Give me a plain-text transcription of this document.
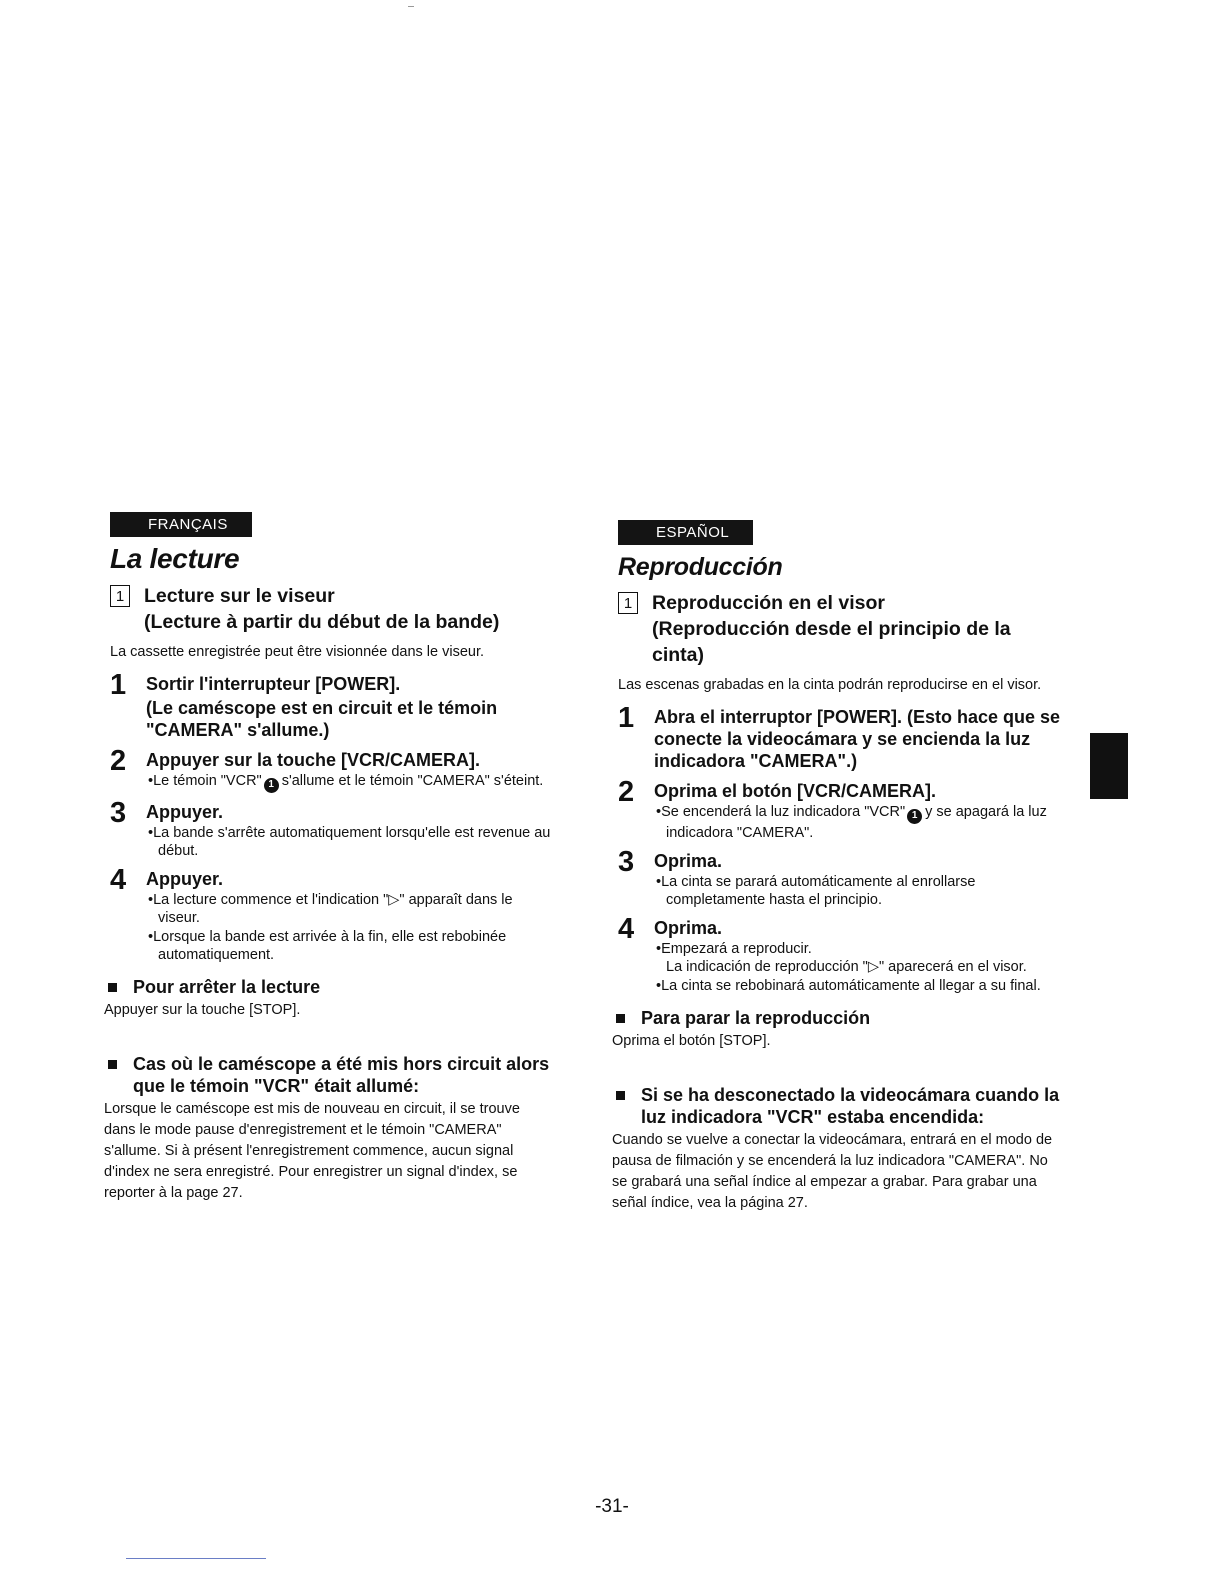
FRANÇAIS
La lecture
1 Lecture sur le viseur
(Lecture à partir du début de la bande)
La cassette enregistrée peut être visionnée dans le viseur.
1	Sortir l'interrupteur [POWER].
(Le caméscope est en circuit et le témoin "CAMERA" s'allume.)
2	Appuyer sur la touche [VCR/CAMERA].
• Le témoin "VCR" 1 s'allume et le témoin "CAMERA" s'éteint.
3	Appuyer.
• La bande s'arrête automatiquement lorsqu'elle est revenue au début.
4	Appuyer.
• La lecture commence et l'indication "▷" apparaît dans le viseur.
• Lorsque la bande est arrivée à la fin, elle est rebobinée automatiquement.
Pour arrêter la lecture
Appuyer sur la touche [STOP].
Cas où le caméscope a été mis hors circuit alors que le témoin "VCR" était allumé:
Lorsque le caméscope est mis de nouveau en circuit, il se trouve dans le mode pause d'enregistrement et le témoin "CAMERA" s'allume. Si à présent l'enregistrement commence, aucun signal d'index ne sera enregistré. Pour enregistrer un signal d'index, se reporter à la page 27.
ESPAÑOL
Reproducción
1 Reproducción en el visor
(Reproducción desde el principio de la cinta)
Las escenas grabadas en la cinta podrán reproducirse en el visor.
1	Abra el interruptor [POWER]. (Esto hace que se conecte la videocámara y se encienda la luz indicadora "CAMERA".)
2	Oprima el botón [VCR/CAMERA].
• Se encenderá la luz indicadora "VCR" 1 y se apagará la luz indicadora "CAMERA".
3	Oprima.
• La cinta se parará automáticamente al enrollarse completamente hasta el principio.
4	Oprima.
• Empezará a reproducir.
La indicación de reproducción "▷" aparecerá en el visor.
• La cinta se rebobinará automáticamente al llegar a su final.
Para parar la reproducción
Oprima el botón [STOP].
Si se ha desconectado la videocámara cuando la luz indicadora "VCR" estaba encendida:
Cuando se vuelve a conectar la videocámara, entrará en el modo de pausa de filmación y se encenderá la luz indicadora "CAMERA". No se grabará una señal índice al empezar a grabar. Para grabar una señal índice, vea la página 27.
-31-
